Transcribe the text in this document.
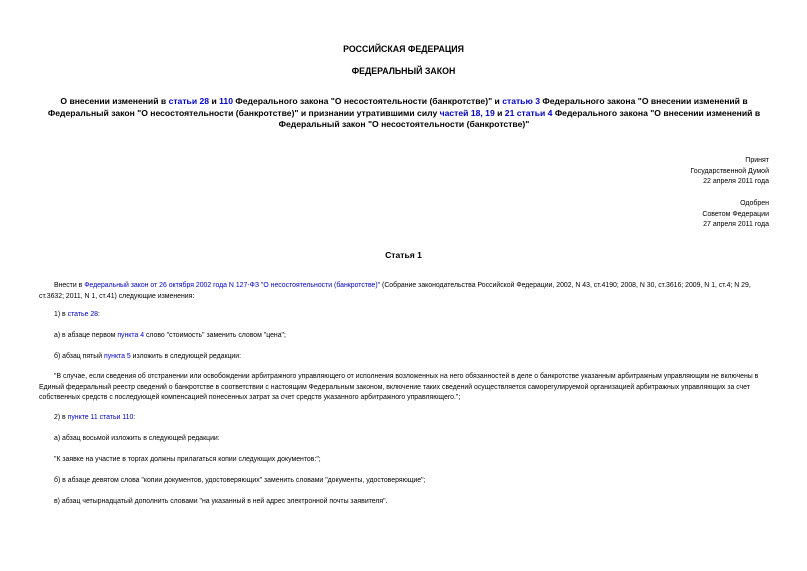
РОССИЙСКАЯ ФЕДЕРАЦИЯ
ФЕДЕРАЛЬНЫЙ ЗАКОН
О внесении изменений в статьи 28 и 110 Федерального закона "О несостоятельности (банкротстве)" и статью 3 Федерального закона "О внесении изменений в Федеральный закон "О несостоятельности (банкротстве)" и признании утратившими силу частей 18, 19 и 21 статьи 4 Федерального закона "О внесении изменений в Федеральный закон "О несостоятельности (банкротстве)"
Принят
Государственной Думой
22 апреля 2011 года
Одобрен
Советом Федерации
27 апреля 2011 года
Статья 1
Внести в Федеральный закон от 26 октября 2002 года N 127-ФЗ "О несостоятельности (банкротстве)" (Собрание законодательства Российской Федерации, 2002, N 43, ст.4190; 2008, N 30, ст.3616; 2009, N 1, ст.4; N 29, ст.3632; 2011, N 1, ст.41) следующие изменения:
1) в статье 28:
а) в абзаце первом пункта 4 слово "стоимость" заменить словом "цена";
б) абзац пятый пункта 5 изложить в следующей редакции:
"В случае, если сведения об отстранении или освобождении арбитражного управляющего от исполнения возложенных на него обязанностей в деле о банкротстве указанным арбитражным управляющим не включены в Единый федеральный реестр сведений о банкротстве в соответствии с настоящим Федеральным законом, включение таких сведений осуществляется саморегулируемой организацией арбитражных управляющих за счет собственных средств с последующей компенсацией понесенных затрат за счет средств указанного арбитражного управляющего.";
2) в пункте 11 статьи 110:
а) абзац восьмой изложить в следующей редакции:
"К заявке на участие в торгах должны прилагаться копии следующих документов:";
б) в абзаце девятом слова "копии документов, удостоверяющих" заменить словами "документы, удостоверяющие";
в) абзац четырнадцатый дополнить словами "на указанный в ней адрес электронной почты заявителя".
